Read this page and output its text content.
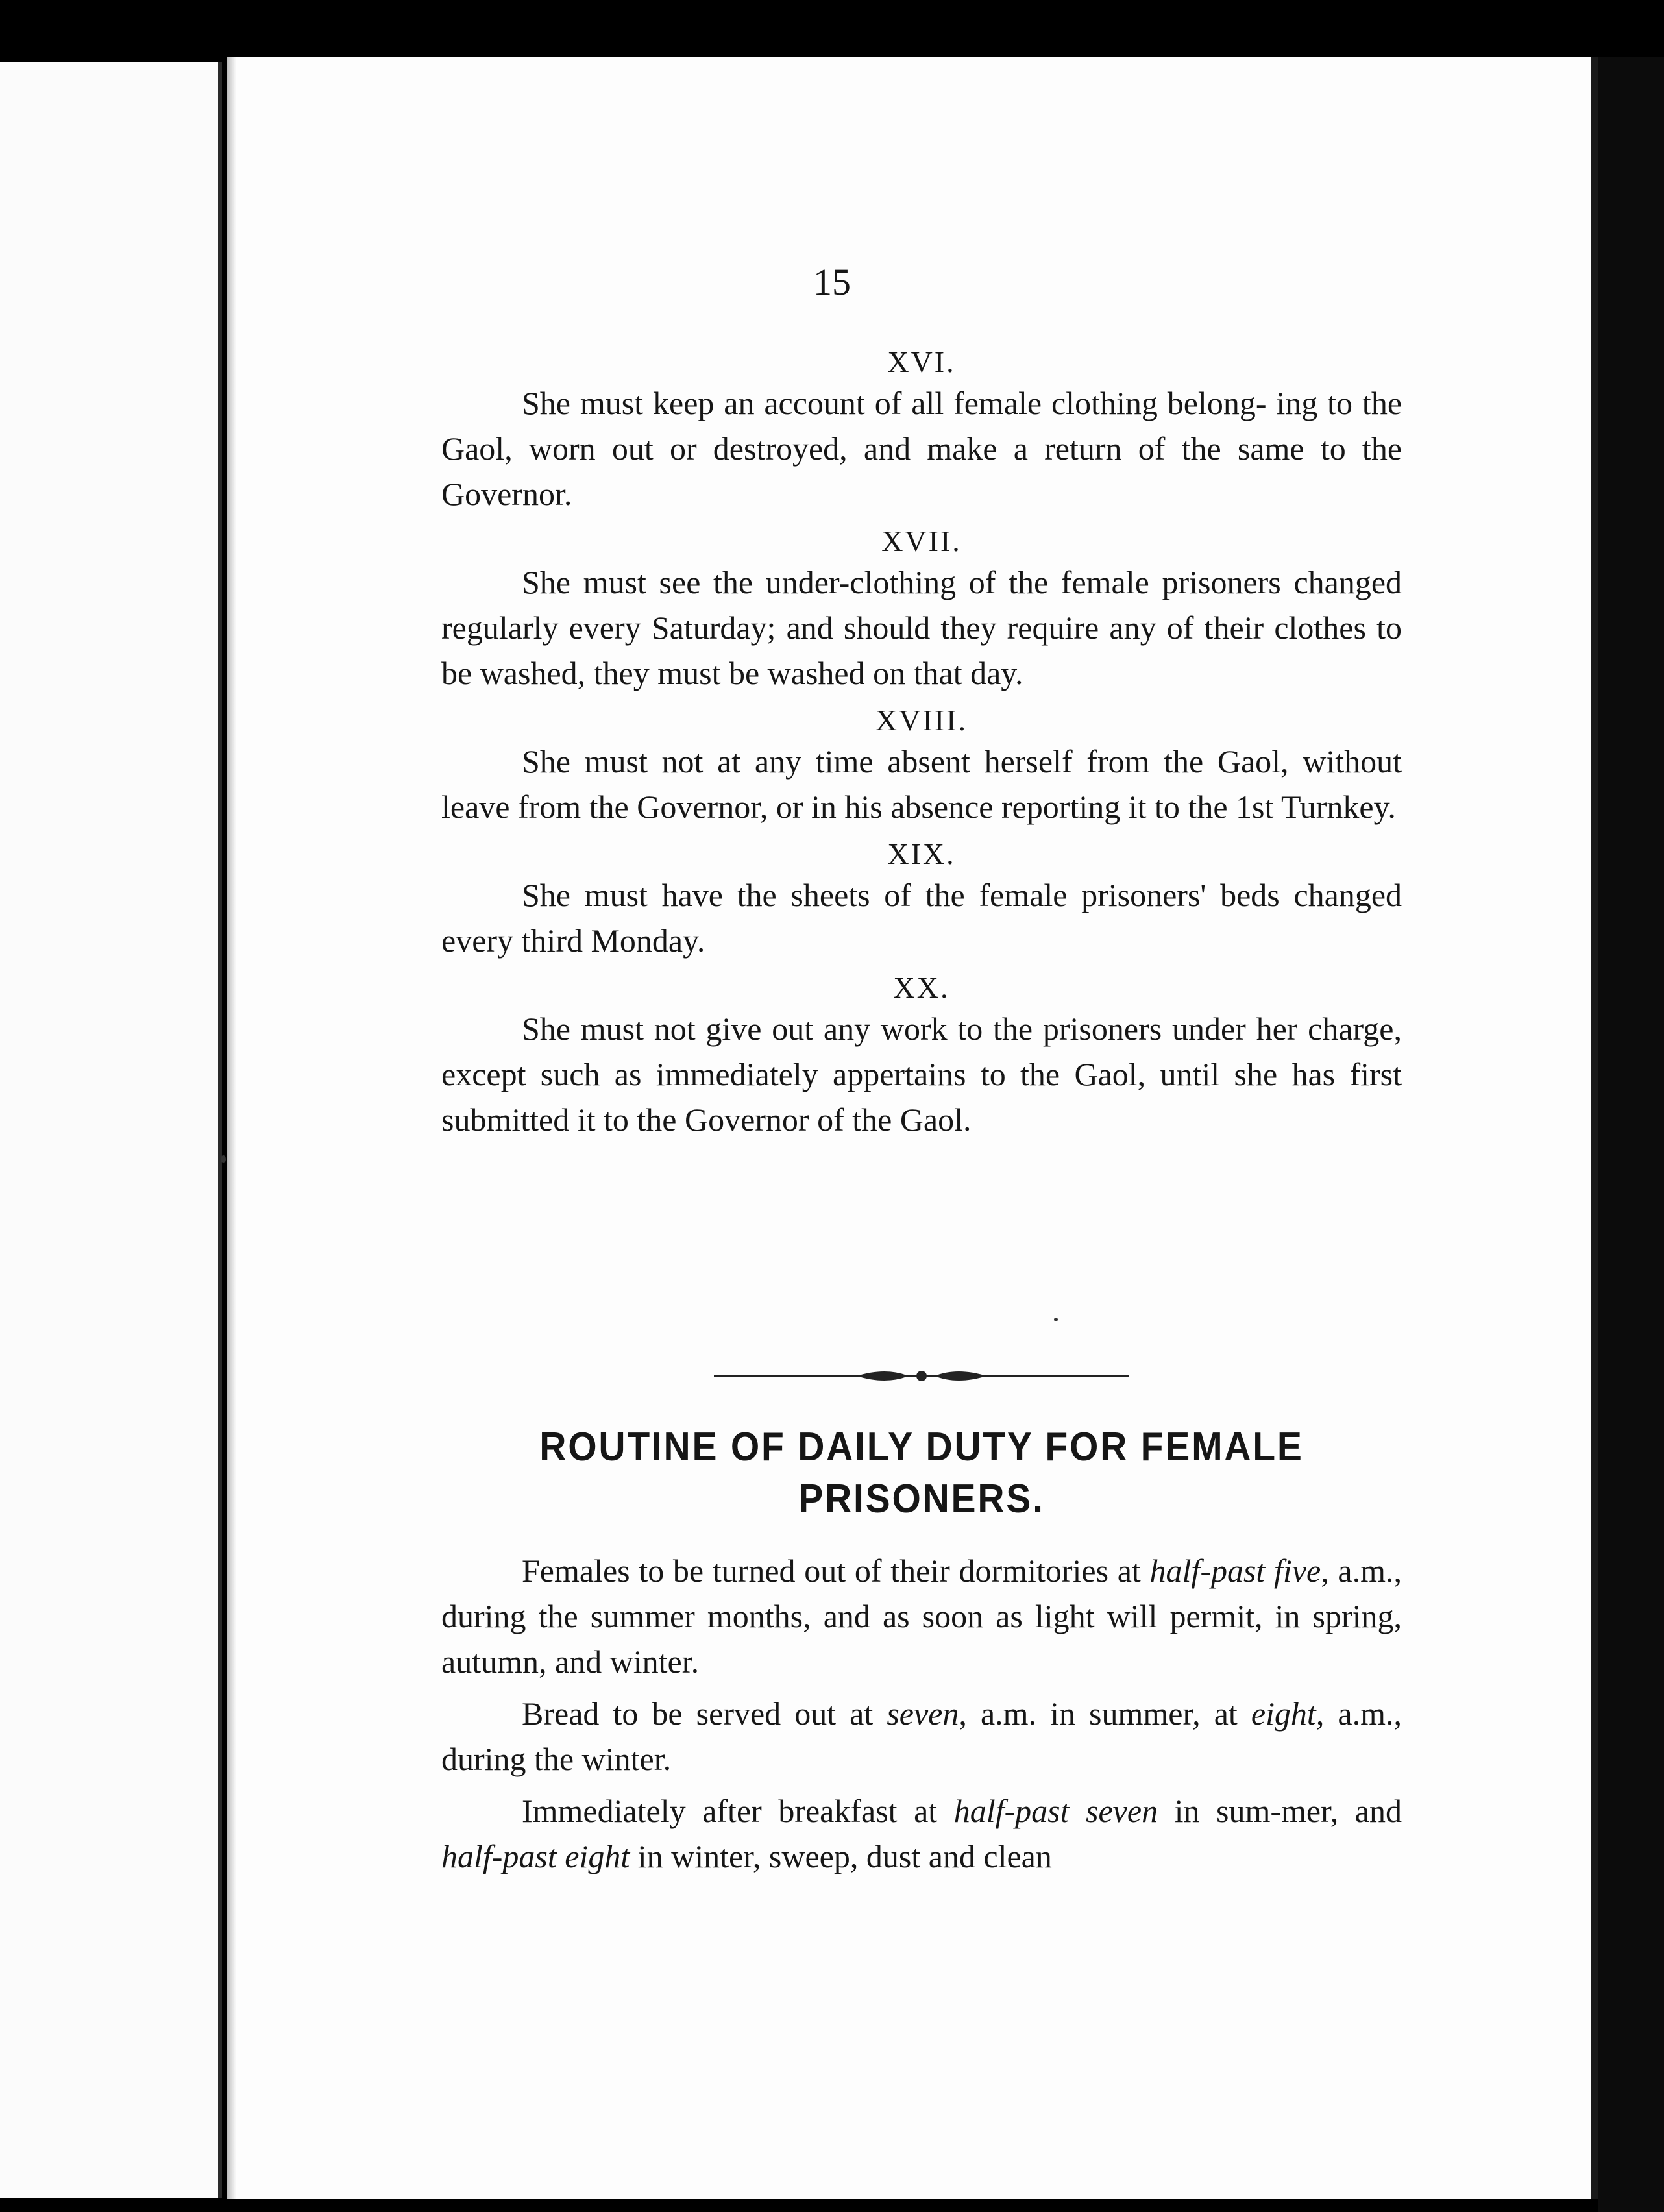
15

XVI.

She must keep an account of all female clothing belong- ing to the Gaol, worn out or destroyed, and make a return of the same to the Governor.

XVII.

She must see the under-clothing of the female prisoners changed regularly every Saturday; and should they require any of their clothes to be washed, they must be washed on that day.

XVIII.

She must not at any time absent herself from the Gaol, without leave from the Governor, or in his absence reporting it to the 1st Turnkey.

XIX.

She must have the sheets of the female prisoners' beds changed every third Monday.

XX.

She must not give out any work to the prisoners under her charge, except such as immediately appertains to the Gaol, until she has first submitted it to the Governor of the Gaol.

ROUTINE OF DAILY DUTY FOR FEMALE
PRISONERS.

Females to be turned out of their dormitories at half-past five, a.m., during the summer months, and as soon as light will permit, in spring, autumn, and winter.

Bread to be served out at seven, a.m. in summer, at eight, a.m., during the winter.

Immediately after breakfast at half-past seven in sum-mer, and half-past eight in winter, sweep, dust and clean
